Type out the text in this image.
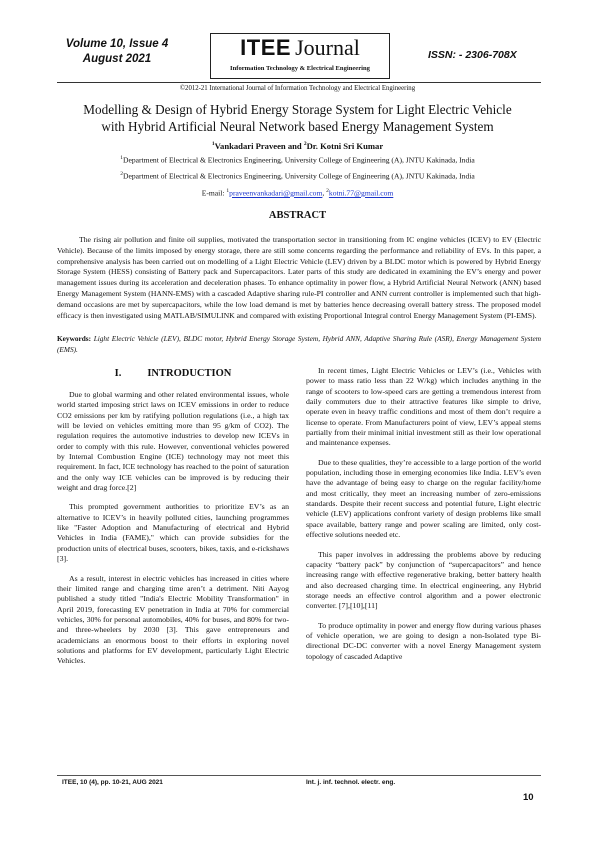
Volume 10, Issue 4
August 2021	ITEE Journal
Information Technology & Electrical Engineering
ISSN: - 2306-708X
©2012-21 International Journal of Information Technology and Electrical Engineering
Modelling & Design of Hybrid Energy Storage System for Light Electric Vehicle
with Hybrid Artificial Neural Network based Energy Management System
$^1$Vankadari Praveen and $^2$Dr. Kotni Sri Kumar
$^1$Department of Electrical & Electronics Engineering, University College of Engineering (A), JNTU Kakinada, India
$^2$Department of Electrical & Electronics Engineering, University College of Engineering (A), JNTU Kakinada, India
E-mail: $^1$praveenvankadari@gmail.com, $^2$kotni.77@gmail.com
ABSTRACT
The rising air pollution and finite oil supplies, motivated the transportation sector in transitioning from IC engine vehicles (ICEV) to EV (Electric Vehicle). Because of the limits imposed by energy storage, there are still some concerns regarding the performance and reliability of EVs. In this paper, a comprehensive analysis has been carried out on modelling of a Light Electric Vehicle (LEV) driven by a BLDC motor which is powered by Hybrid Energy Storage System (HESS) consisting of Battery pack and Supercapacitors. Later parts of this study are dedicated in examining the EV’s energy and power management issues during its acceleration and deceleration phases. To enhance optimality in power flow, a Hybrid Artificial Neural Network (ANN) based Energy Management System (HANN-EMS) with a cascaded Adaptive sharing rule-PI controller and ANN current controller is implemented such that high-demand occasions are met by supercapacitors, while the low load demand is met by batteries hence decreasing overall battery stress. The proposed model efficacy is then investigated using MATLAB/SIMULINK and compared with existing Proportional Integral control Energy Management System (PI-EMS).
Keywords: Light Electric Vehicle (LEV), BLDC motor, Hybrid Energy Storage System, Hybrid ANN, Adaptive Sharing Rule (ASR), Energy Management System (EMS).
I. INTRODUCTION

Due to global warming and other related environmental issues, whole world started imposing strict laws on ICEV emissions in order to reduce CO2 emissions per km by ratifying pollution regulations (i.e., a high tax will be levied on vehicles emitting more than 95 g/km of CO2). The regulation requires the automotive industries to develop new ICEVs in order to comply with this rule. However, conventional vehicles powered by Internal Combustion Engine (ICE) technology may not meet this requirement. In fact, ICE technology has reached to the point of saturation and the only way ICE vehicles can be improved is by reducing their weight and drag force.[2]

This prompted government authorities to prioritize EV’s as an alternative to ICEV’s in heavily polluted cities, launching programmes like "Faster Adoption and Manufacturing of electrical and Hybrid Vehicles in India (FAME)," which can provide subsidies for the production units of electrical buses, scooters, bikes, taxis, and e-rickshaws [3].

As a result, interest in electric vehicles has increased in cities where their limited range and charging time aren’t a detriment. Niti Aayog published a study titled "India's Electric Mobility Transformation" in April 2019, forecasting EV penetration in India at 70% for commercial vehicles, 30% for personal automobiles, 40% for buses, and 80% for two- and three-wheelers by 2030 [3]. This gave entrepreneurs and academicians an enormous boost to their efforts in exploring novel solutions and platforms for EV development, particularly Light Electric Vehicles.

In recent times, Light Electric Vehicles or LEV’s (i.e., Vehicles with power to mass ratio less than 22 W/kg) which includes anything in the range of scooters to low-speed cars are getting a tremendous interest from daily commuters due to their attractive features like simple to drive, operate even in heavy traffic conditions and most of them don’t require a license to operate. From Manufacturers point of view, LEV’s appeal stems partially from their minimal initial investment still as their low operational and maintenance expenses.

Due to these qualities, they’re accessible to a large portion of the world population, including those in emerging economies like India. LEV’s even have the advantage of being easy to charge on the regular facility/home and most critically, they meet an increasing number of zero-emissions standards. Despite their recent success and potential future, Light electric vehicle (LEV) applications confront variety of design problems like small space available, battery range and power scaling are limited, only cost-effective solutions needed etc.

This paper involves in addressing the problems above by reducing capacity “battery pack” by conjunction of “supercapacitors” and hence increasing range with effective regenerative braking, better battery health and also decreased charging time. In electrical engineering, any Hybrid storage needs an effective control algorithm and a power electronic converter. [7],[10],[11]

To produce optimality in power and energy flow during various phases of vehicle operation, we are going to design a non-Isolated type Bi-directional DC-DC converter with a novel Energy Management system topology of cascaded Adaptive

ITEE, 10 (4), pp. 10-21, AUG 2021	Int. j. inf. technol. electr. eng.
10
